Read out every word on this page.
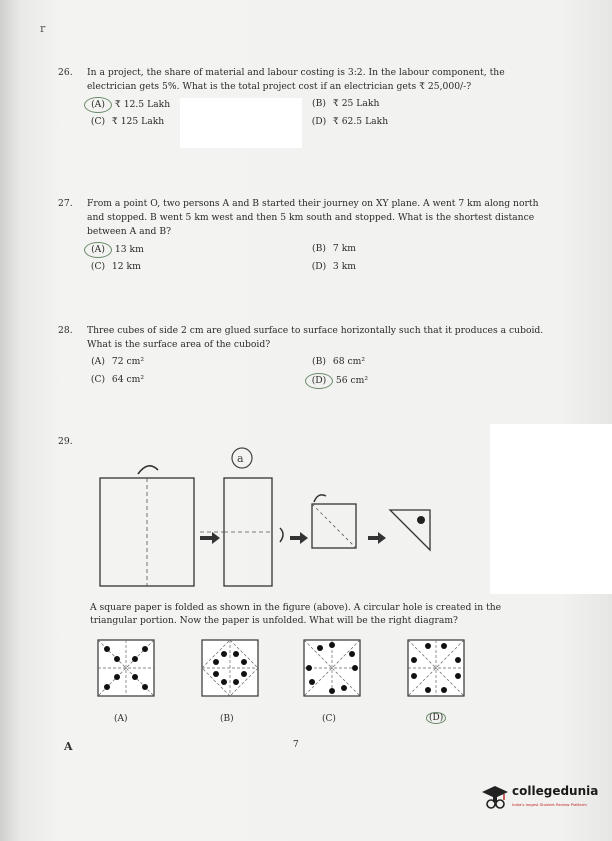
r
26.	In a project, the share of material and labour costing is 3:2. In the labour component, the electrician gets 5%. What is the total project cost if an electrician gets ₹ 25,000/-?
(A) ₹ 12.5 Lakh	(B) ₹ 25 Lakh
(C) ₹ 125 Lakh	(D) ₹ 62.5 Lakh
27.	From a point O, two persons A and B started their journey on XY plane. A went 7 km along north and stopped. B went 5 km west and then 5 km south and stopped. What is the shortest distance between A and B?
(A) 13 km	(B) 7 km
(C) 12 km	(D) 3 km
28.	Three cubes of side 2 cm are glued surface to surface horizontally such that it produces a cuboid. What is the surface area of the cuboid?
(A) 72 cm²	(B) 68 cm²
(C) 64 cm²	(D) 56 cm²
29.
a
A square paper is folded as shown in the figure (above). A circular hole is created in the triangular portion. Now the paper is unfolded. What will be the right diagram?
(A)	(B)	(C)	(D)
A	7
collegedunia
India's largest Student Review Platform
